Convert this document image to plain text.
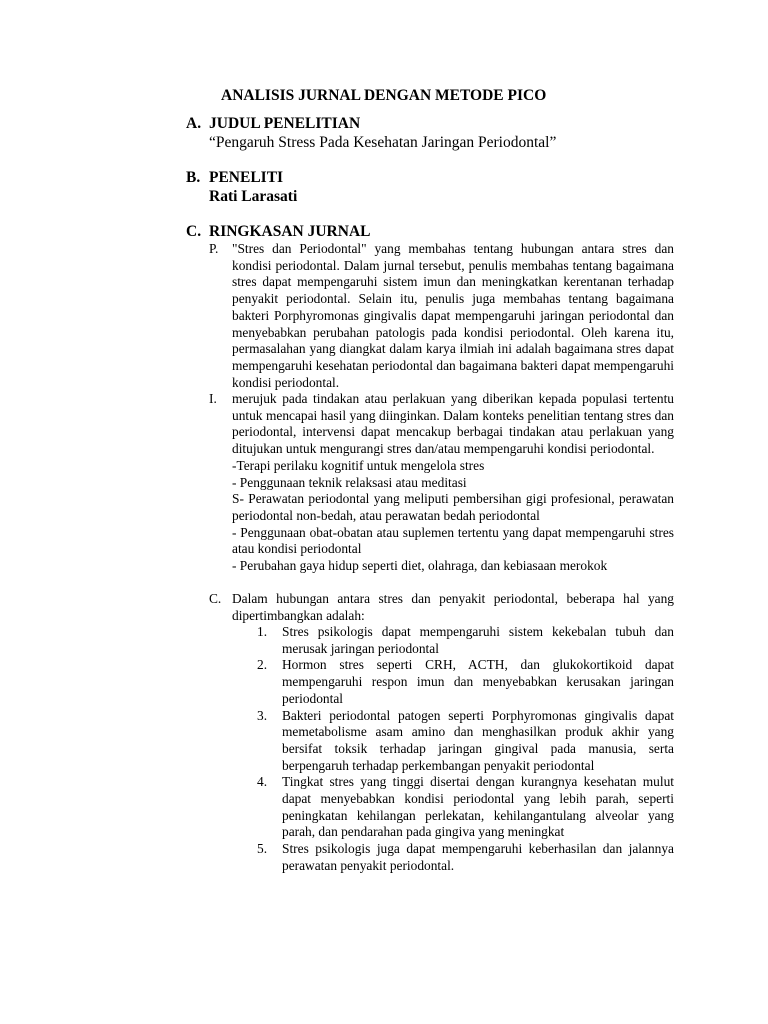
ANALISIS JURNAL DENGAN METODE PICO
A. JUDUL PENELITIAN
“Pengaruh Stress Pada Kesehatan Jaringan Periodontal”
B. PENELITI
Rati Larasati
C. RINGKASAN JURNAL
P. "Stres dan Periodontal" yang membahas tentang hubungan antara stres dan kondisi periodontal. Dalam jurnal tersebut, penulis membahas tentang bagaimana stres dapat mempengaruhi sistem imun dan meningkatkan kerentanan terhadap penyakit periodontal. Selain itu, penulis juga membahas tentang bagaimana bakteri Porphyromonas gingivalis dapat mempengaruhi jaringan periodontal dan menyebabkan perubahan patologis pada kondisi periodontal. Oleh karena itu, permasalahan yang diangkat dalam karya ilmiah ini adalah bagaimana stres dapat mempengaruhi kesehatan periodontal dan bagaimana bakteri dapat mempengaruhi kondisi periodontal.

I. merujuk pada tindakan atau perlakuan yang diberikan kepada populasi tertentu untuk mencapai hasil yang diinginkan. Dalam konteks penelitian tentang stres dan periodontal, intervensi dapat mencakup berbagai tindakan atau perlakuan yang ditujukan untuk mengurangi stres dan/atau mempengaruhi kondisi periodontal.

-Terapi perilaku kognitif untuk mengelola stres

- Penggunaan teknik relaksasi atau meditasi

S- Perawatan periodontal yang meliputi pembersihan gigi profesional, perawatan periodontal non-bedah, atau perawatan bedah periodontal

- Penggunaan obat-obatan atau suplemen tertentu yang dapat mempengaruhi stres atau kondisi periodontal

- Perubahan gaya hidup seperti diet, olahraga, dan kebiasaan merokok

C. Dalam hubungan antara stres dan penyakit periodontal, beberapa hal yang dipertimbangkan adalah:

1. Stres psikologis dapat mempengaruhi sistem kekebalan tubuh dan merusak jaringan periodontal
2. Hormon stres seperti CRH, ACTH, dan glukokortikoid dapat mempengaruhi respon imun dan menyebabkan kerusakan jaringan periodontal
3. Bakteri periodontal patogen seperti Porphyromonas gingivalis dapat memetabolisme asam amino dan menghasilkan produk akhir yang bersifat toksik terhadap jaringan gingival pada manusia, serta berpengaruh terhadap perkembangan penyakit periodontal
4. Tingkat stres yang tinggi disertai dengan kurangnya kesehatan mulut dapat menyebabkan kondisi periodontal yang lebih parah, seperti peningkatan kehilangan perlekatan, kehilangantulang alveolar yang parah, dan pendarahan pada gingiva yang meningkat
5. Stres psikologis juga dapat mempengaruhi keberhasilan dan jalannya perawatan penyakit periodontal.
